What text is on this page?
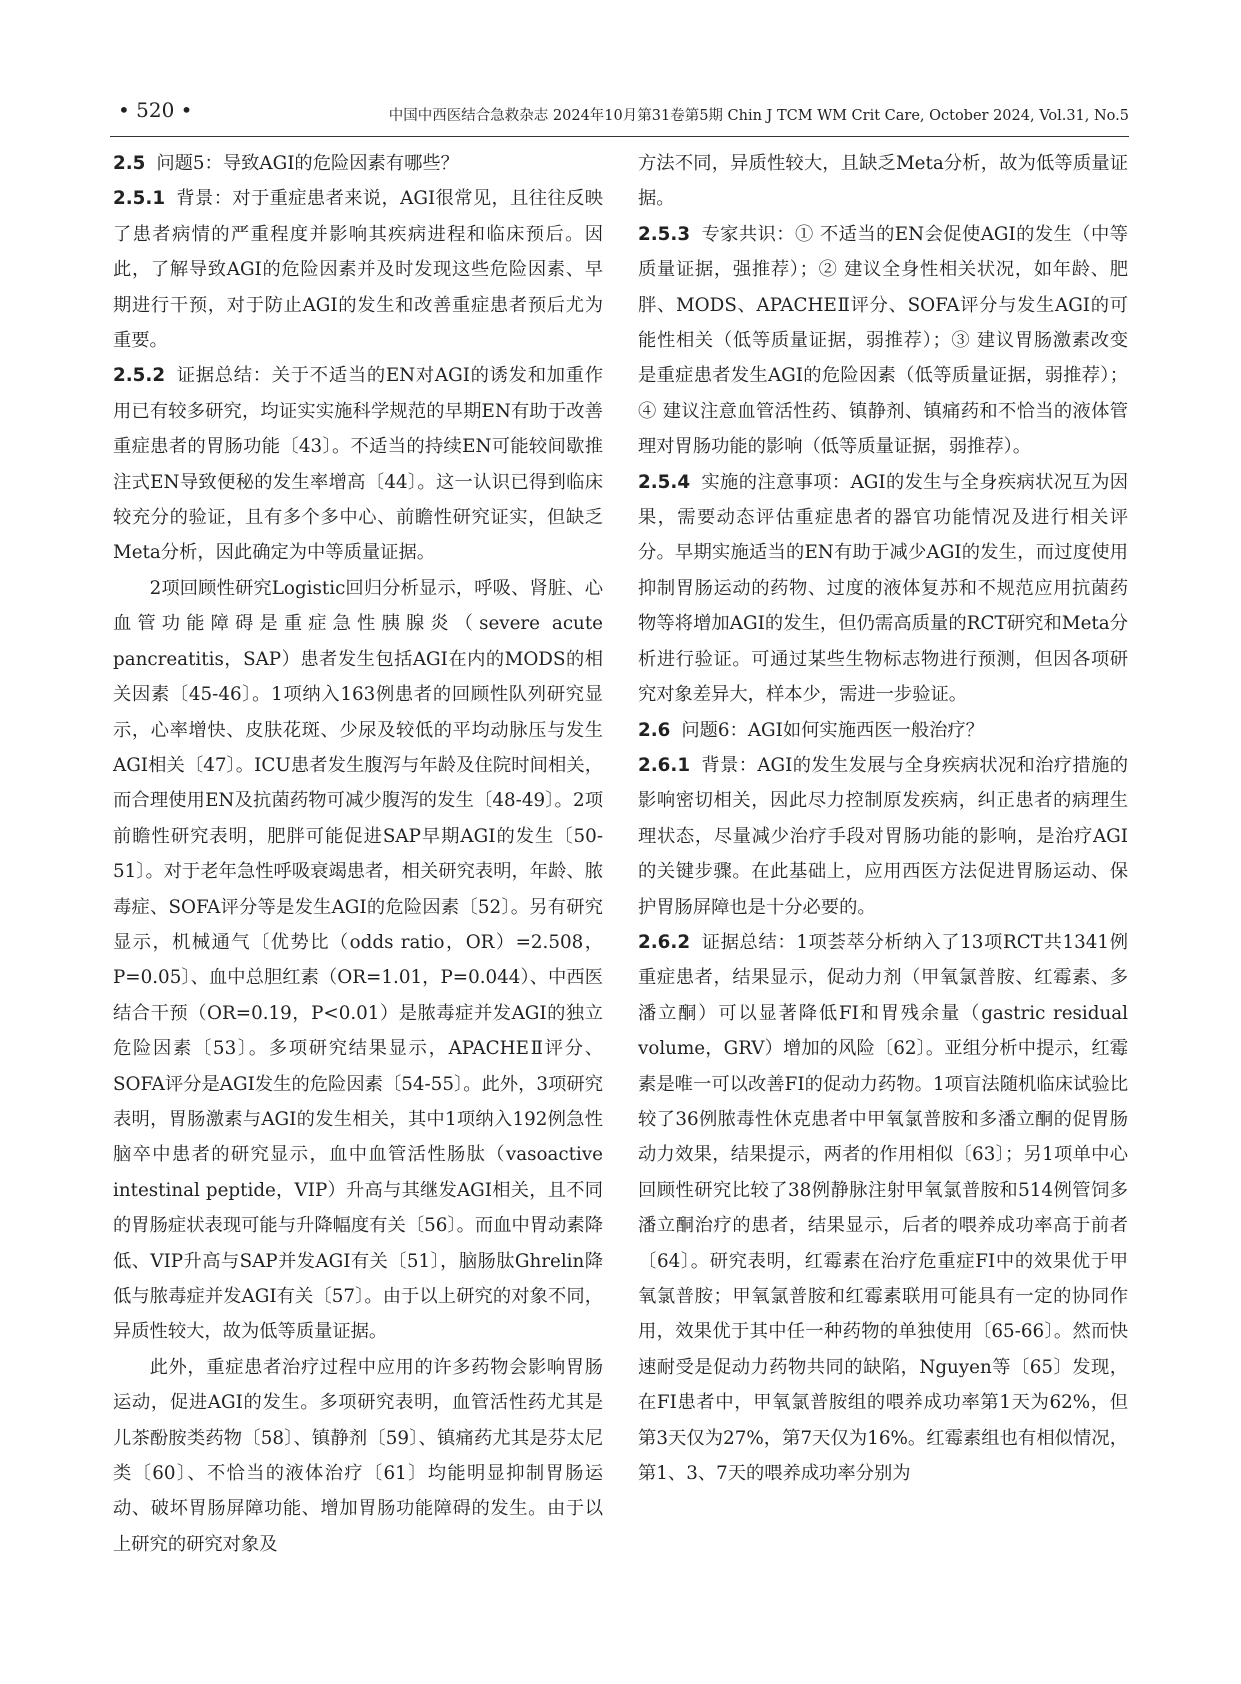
• 520 •	中国中西医结合急救杂志 2024年10月第31卷第5期 Chin J TCM WM Crit Care, October 2024, Vol.31, No.5

2.5 问题5：导致AGI的危险因素有哪些？

2.5.1 背景：对于重症患者来说，AGI很常见，且往往反映了患者病情的严重程度并影响其疾病进程和临床预后。因此，了解导致AGI的危险因素并及时发现这些危险因素、早期进行干预，对于防止AGI的发生和改善重症患者预后尤为重要。

2.5.2 证据总结：关于不适当的EN对AGI的诱发和加重作用已有较多研究，均证实实施科学规范的早期EN有助于改善重症患者的胃肠功能〔43〕。不适当的持续EN可能较间歇推注式EN导致便秘的发生率增高〔44〕。这一认识已得到临床较充分的验证，且有多个多中心、前瞻性研究证实，但缺乏Meta分析，因此确定为中等质量证据。

2项回顾性研究Logistic回归分析显示，呼吸、肾脏、心血管功能障碍是重症急性胰腺炎（severe acute pancreatitis，SAP）患者发生包括AGI在内的MODS的相关因素〔45-46〕。1项纳入163例患者的回顾性队列研究显示，心率增快、皮肤花斑、少尿及较低的平均动脉压与发生AGI相关〔47〕。ICU患者发生腹泻与年龄及住院时间相关，而合理使用EN及抗菌药物可减少腹泻的发生〔48-49〕。2项前瞻性研究表明，肥胖可能促进SAP早期AGI的发生〔50-51〕。对于老年急性呼吸衰竭患者，相关研究表明，年龄、脓毒症、SOFA评分等是发生AGI的危险因素〔52〕。另有研究显示，机械通气〔优势比（odds ratio，OR）=2.508，P=0.05〕、血中总胆红素（OR=1.01，P=0.044）、中西医结合干预（OR=0.19，P<0.01）是脓毒症并发AGI的独立危险因素〔53〕。多项研究结果显示，APACHEⅡ评分、SOFA评分是AGI发生的危险因素〔54-55〕。此外，3项研究表明，胃肠激素与AGI的发生相关，其中1项纳入192例急性脑卒中患者的研究显示，血中血管活性肠肽（vasoactive intestinal peptide，VIP）升高与其继发AGI相关，且不同的胃肠症状表现可能与升降幅度有关〔56〕。而血中胃动素降低、VIP升高与SAP并发AGI有关〔51〕，脑肠肽Ghrelin降低与脓毒症并发AGI有关〔57〕。由于以上研究的对象不同，异质性较大，故为低等质量证据。

此外，重症患者治疗过程中应用的许多药物会影响胃肠运动，促进AGI的发生。多项研究表明，血管活性药尤其是儿茶酚胺类药物〔58〕、镇静剂〔59〕、镇痛药尤其是芬太尼类〔60〕、不恰当的液体治疗〔61〕均能明显抑制胃肠运动、破坏胃肠屏障功能、增加胃肠功能障碍的发生。由于以上研究的研究对象及

方法不同，异质性较大，且缺乏Meta分析，故为低等质量证据。

2.5.3 专家共识：① 不适当的EN会促使AGI的发生（中等质量证据，强推荐）；② 建议全身性相关状况，如年龄、肥胖、MODS、APACHEⅡ评分、SOFA评分与发生AGI的可能性相关（低等质量证据，弱推荐）；③ 建议胃肠激素改变是重症患者发生AGI的危险因素（低等质量证据，弱推荐）；④ 建议注意血管活性药、镇静剂、镇痛药和不恰当的液体管理对胃肠功能的影响（低等质量证据，弱推荐）。

2.5.4 实施的注意事项：AGI的发生与全身疾病状况互为因果，需要动态评估重症患者的器官功能情况及进行相关评分。早期实施适当的EN有助于减少AGI的发生，而过度使用抑制胃肠运动的药物、过度的液体复苏和不规范应用抗菌药物等将增加AGI的发生，但仍需高质量的RCT研究和Meta分析进行验证。可通过某些生物标志物进行预测，但因各项研究对象差异大，样本少，需进一步验证。

2.6 问题6：AGI如何实施西医一般治疗？

2.6.1 背景：AGI的发生发展与全身疾病状况和治疗措施的影响密切相关，因此尽力控制原发疾病，纠正患者的病理生理状态，尽量减少治疗手段对胃肠功能的影响，是治疗AGI的关键步骤。在此基础上，应用西医方法促进胃肠运动、保护胃肠屏障也是十分必要的。

2.6.2 证据总结：1项荟萃分析纳入了13项RCT共1341例重症患者，结果显示，促动力剂（甲氧氯普胺、红霉素、多潘立酮）可以显著降低FI和胃残余量（gastric residual volume，GRV）增加的风险〔62〕。亚组分析中提示，红霉素是唯一可以改善FI的促动力药物。1项盲法随机临床试验比较了36例脓毒性休克患者中甲氧氯普胺和多潘立酮的促胃肠动力效果，结果提示，两者的作用相似〔63〕；另1项单中心回顾性研究比较了38例静脉注射甲氧氯普胺和514例管饲多潘立酮治疗的患者，结果显示，后者的喂养成功率高于前者〔64〕。研究表明，红霉素在治疗危重症FI中的效果优于甲氧氯普胺；甲氧氯普胺和红霉素联用可能具有一定的协同作用，效果优于其中任一种药物的单独使用〔65-66〕。然而快速耐受是促动力药物共同的缺陷，Nguyen等〔65〕发现，在FI患者中，甲氧氯普胺组的喂养成功率第1天为62%，但第3天仅为27%，第7天仅为16%。红霉素组也有相似情况，第1、3、7天的喂养成功率分别为
